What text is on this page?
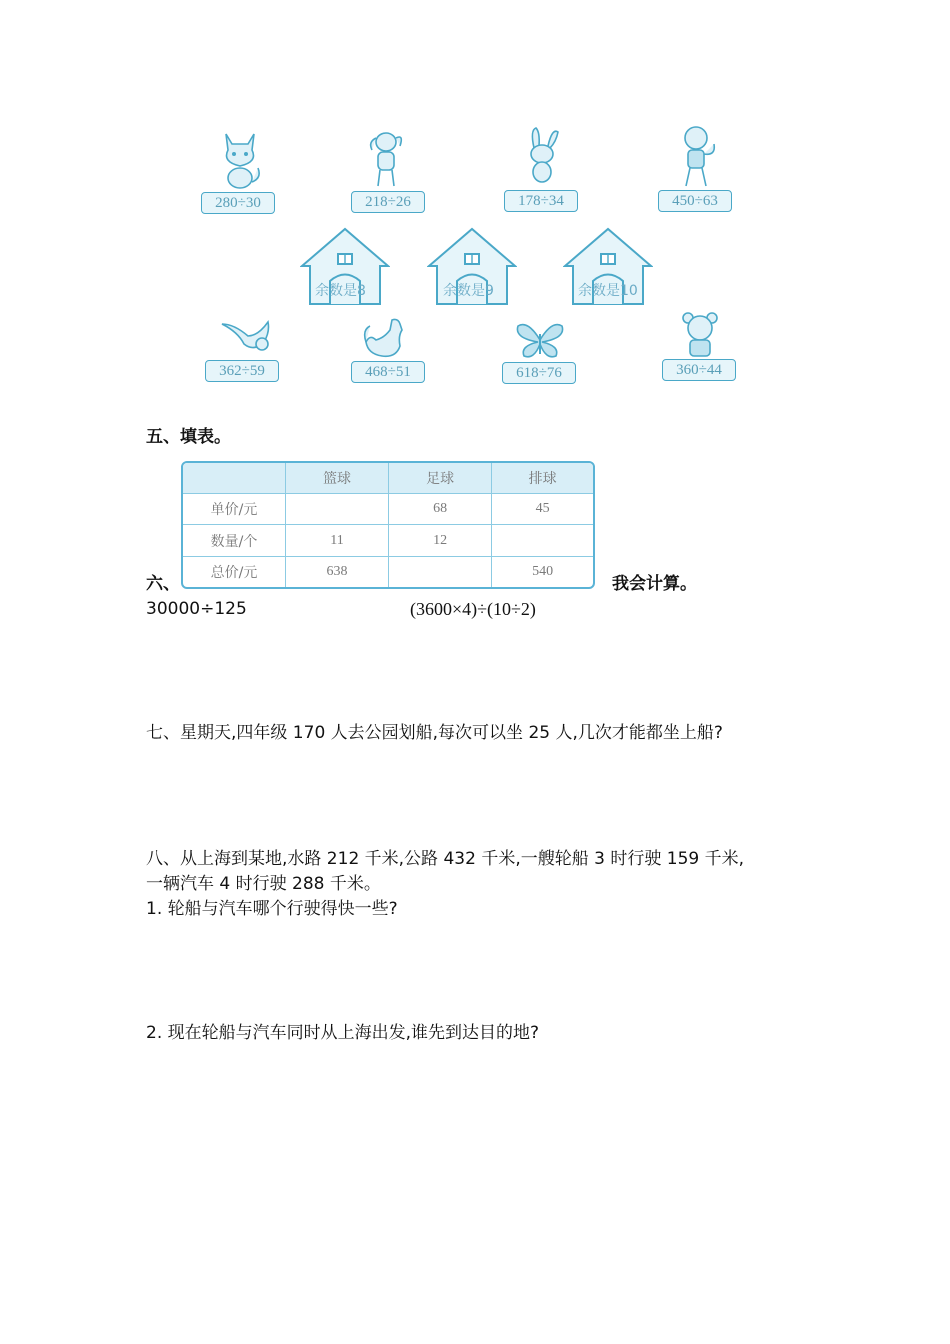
280÷30	218÷26	178÷34	450÷63
余数是8	余数是9	余数是10
362÷59	468÷51	618÷76	360÷44
五、填表。
	篮球	足球	排球
单价/元		68	45
数量/个	11	12	
总价/元	638		540
六、	我会计算。
30000÷125	(3600×4)÷(10÷2)
七、星期天,四年级 170 人去公园划船,每次可以坐 25 人,几次才能都坐上船?
八、从上海到某地,水路 212 千米,公路 432 千米,一艘轮船 3 时行驶 159 千米,
一辆汽车 4 时行驶 288 千米。
1. 轮船与汽车哪个行驶得快一些?
2. 现在轮船与汽车同时从上海出发,谁先到达目的地?
